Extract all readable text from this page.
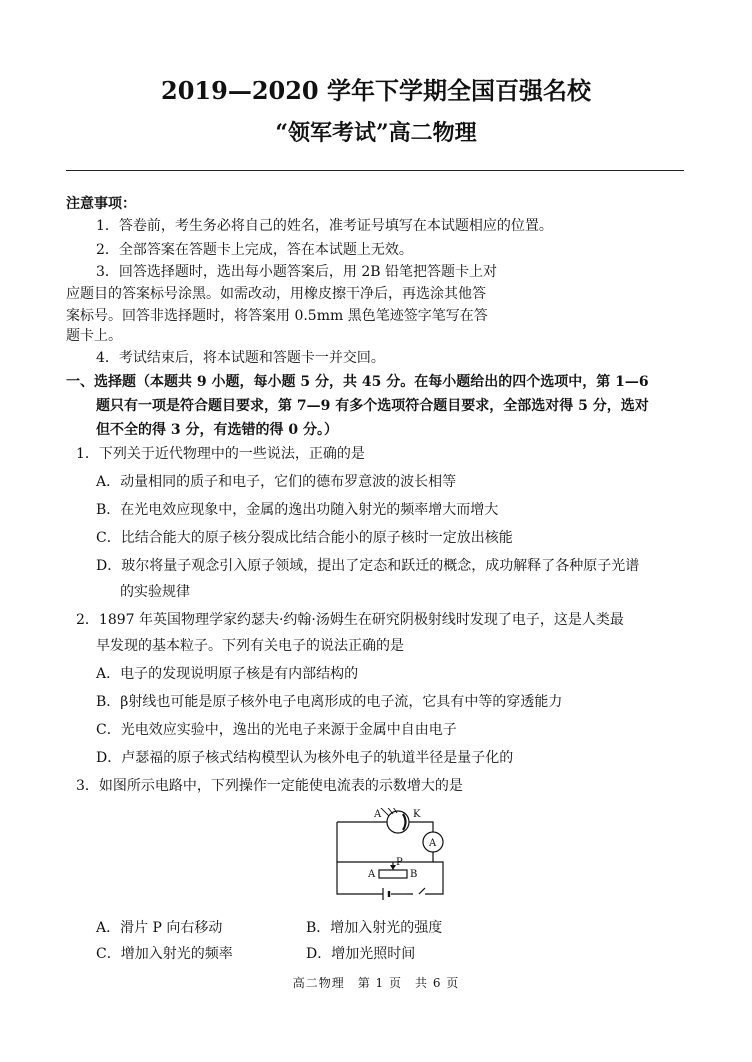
2019—2020 学年下学期全国百强名校
“领军考试”高二物理
注意事项：
1．答卷前，考生务必将自己的姓名，准考证号填写在本试题相应的位置。
2．全部答案在答题卡上完成，答在本试题上无效。
3．回答选择题时，选出每小题答案后，用 2B 铅笔把答题卡上对
应题目的答案标号涂黑。如需改动，用橡皮擦干净后，再选涂其他答
案标号。回答非选择题时，将答案用 0.5mm 黑色笔迹签字笔写在答
题卡上。
4．考试结束后，将本试题和答题卡一并交回。
一、选择题（本题共 9 小题，每小题 5 分，共 45 分。在每小题给出的四个选项中，第 1—6
题只有一项是符合题目要求，第 7—9 有多个选项符合题目要求，全部选对得 5 分，选对
但不全的得 3 分，有选错的得 0 分。）
1．下列关于近代物理中的一些说法，正确的是
A．动量相同的质子和电子，它们的德布罗意波的波长相等
B．在光电效应现象中，金属的逸出功随入射光的频率增大而增大
C．比结合能大的原子核分裂成比结合能小的原子核时一定放出核能
D．玻尔将量子观念引入原子领域，提出了定态和跃迁的概念，成功解释了各种原子光谱
的实验规律
2．1897 年英国物理学家约瑟夫·约翰·汤姆生在研究阴极射线时发现了电子，这是人类最
早发现的基本粒子。下列有关电子的说法正确的是
A．电子的发现说明原子核是有内部结构的
B．β射线也可能是原子核外电子电离形成的电子流，它具有中等的穿透能力
C．光电效应实验中，逸出的光电子来源于金属中自由电子
D．卢瑟福的原子核式结构模型认为核外电子的轨道半径是量子化的
3．如图所示电路中，下列操作一定能使电流表的示数增大的是
A	K
A
A	B
P
A．滑片 P 向右移动	B．增加入射光的强度
C．增加入射光的频率	D．增加光照时间
高二物理　第 1 页　共 6 页
